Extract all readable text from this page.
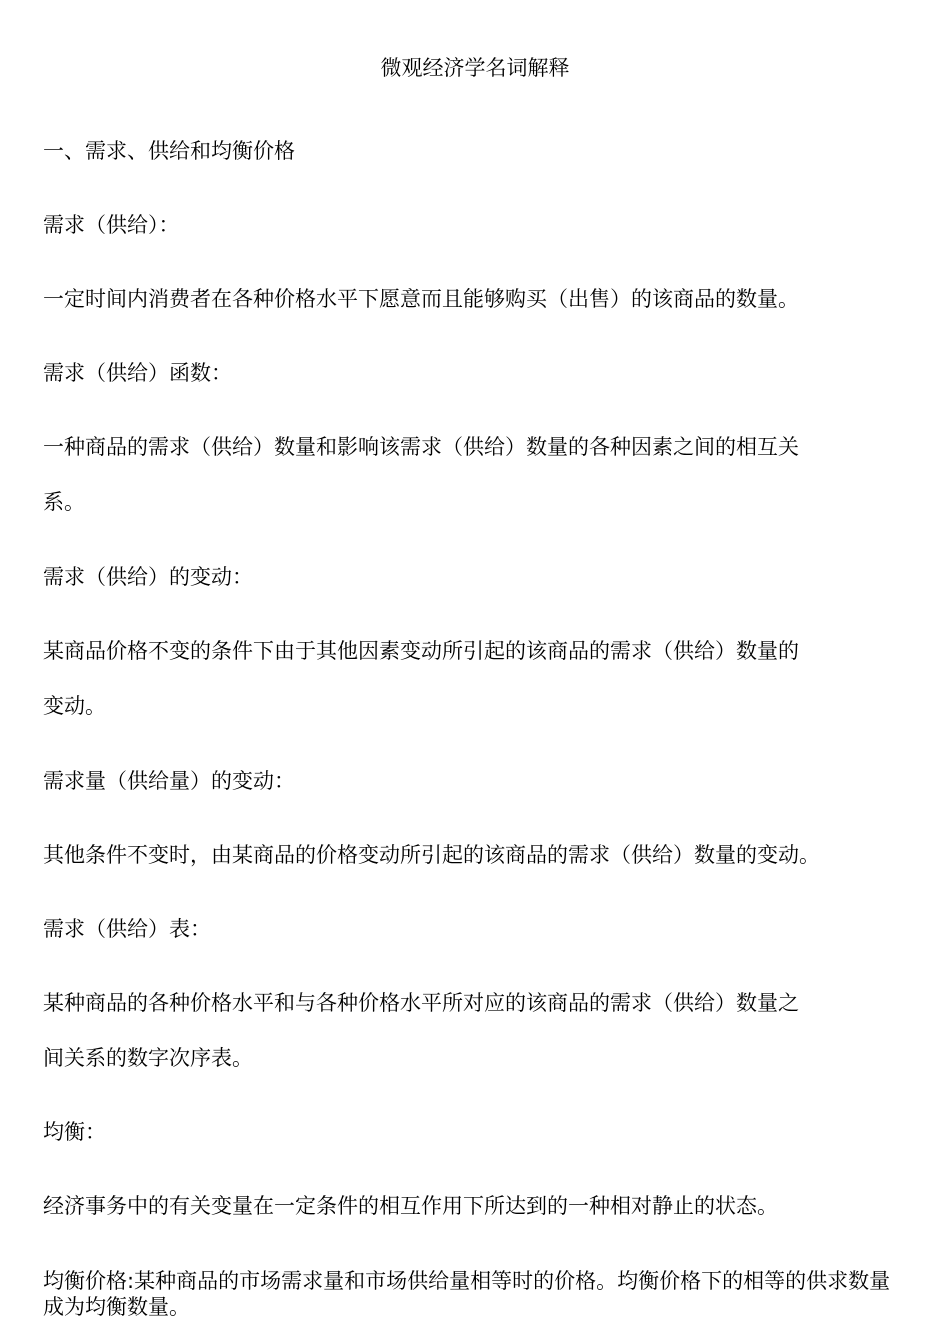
微观经济学名词解释
一、需求、供给和均衡价格
需求（供给）：
一定时间内消费者在各种价格水平下愿意而且能够购买（出售）的该商品的数量。
需求（供给）函数：
一种商品的需求（供给）数量和影响该需求（供给）数量的各种因素之间的相互关
系。
需求（供给）的变动：
某商品价格不变的条件下由于其他因素变动所引起的该商品的需求（供给）数量的
变动。
需求量（供给量）的变动：
其他条件不变时，由某商品的价格变动所引起的该商品的需求（供给）数量的变动。
需求（供给）表：
某种商品的各种价格水平和与各种价格水平所对应的该商品的需求（供给）数量之
间关系的数字次序表。
均衡：
经济事务中的有关变量在一定条件的相互作用下所达到的一种相对静止的状态。
均衡价格:某种商品的市场需求量和市场供给量相等时的价格。均衡价格下的相等的供求数量成为均衡数量。
